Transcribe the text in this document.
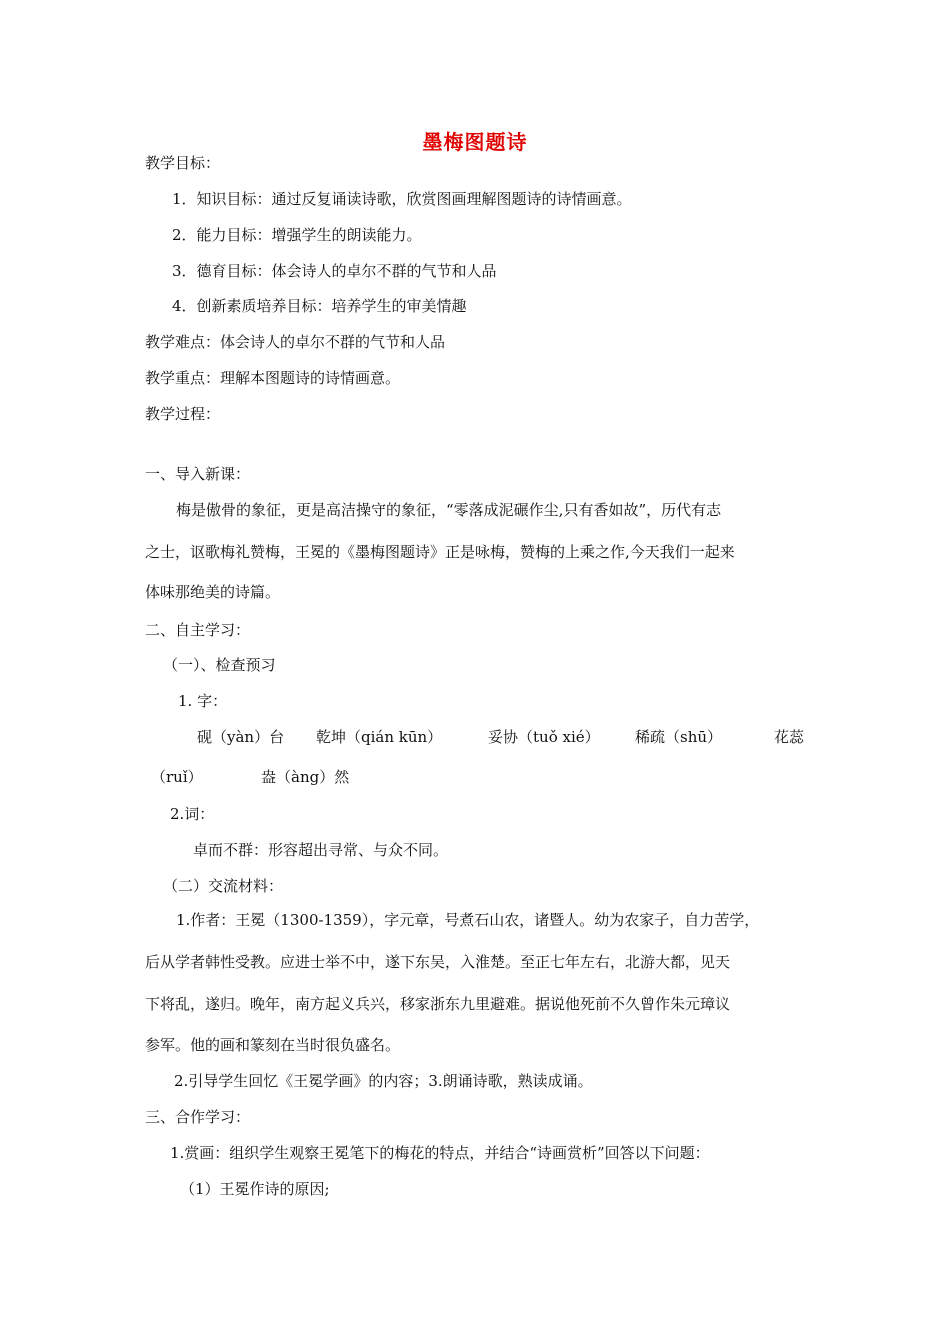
墨梅图题诗
教学目标：
1．知识目标：通过反复诵读诗歌，欣赏图画理解图题诗的诗情画意。
2．能力目标：增强学生的朗读能力。
3．德育目标：体会诗人的卓尔不群的气节和人品
4．创新素质培养目标：培养学生的审美情趣
教学难点：体会诗人的卓尔不群的气节和人品
教学重点：理解本图题诗的诗情画意。
教学过程：
一、导入新课：
梅是傲骨的象征，更是高洁操守的象征，“零落成泥碾作尘,只有香如故”，历代有志
之士，讴歌梅礼赞梅，王冕的《墨梅图题诗》正是咏梅，赞梅的上乘之作,今天我们一起来
体味那绝美的诗篇。
二、自主学习：
（一）、检查预习
1. 字：
砚（yàn）台 乾坤（qián kūn）	妥协（tuǒ xié） 稀疏（shū）	花蕊
（ruǐ）	盎（àng）然
2.词：
卓而不群：形容超出寻常、与众不同。
（二）交流材料：
1.作者：王冕（1300-1359），字元章，号煮石山农，诸暨人。幼为农家子，自力苦学，
后从学者韩性受教。应进士举不中，遂下东吴，入淮楚。至正七年左右，北游大都，见天
下将乱，遂归。晚年，南方起义兵兴，移家浙东九里避难。据说他死前不久曾作朱元璋议
参军。他的画和篆刻在当时很负盛名。
2.引导学生回忆《王冕学画》的内容；3.朗诵诗歌，熟读成诵。
三、合作学习：
1.赏画：组织学生观察王冕笔下的梅花的特点，并结合“诗画赏析”回答以下问题：
（1）王冕作诗的原因;
